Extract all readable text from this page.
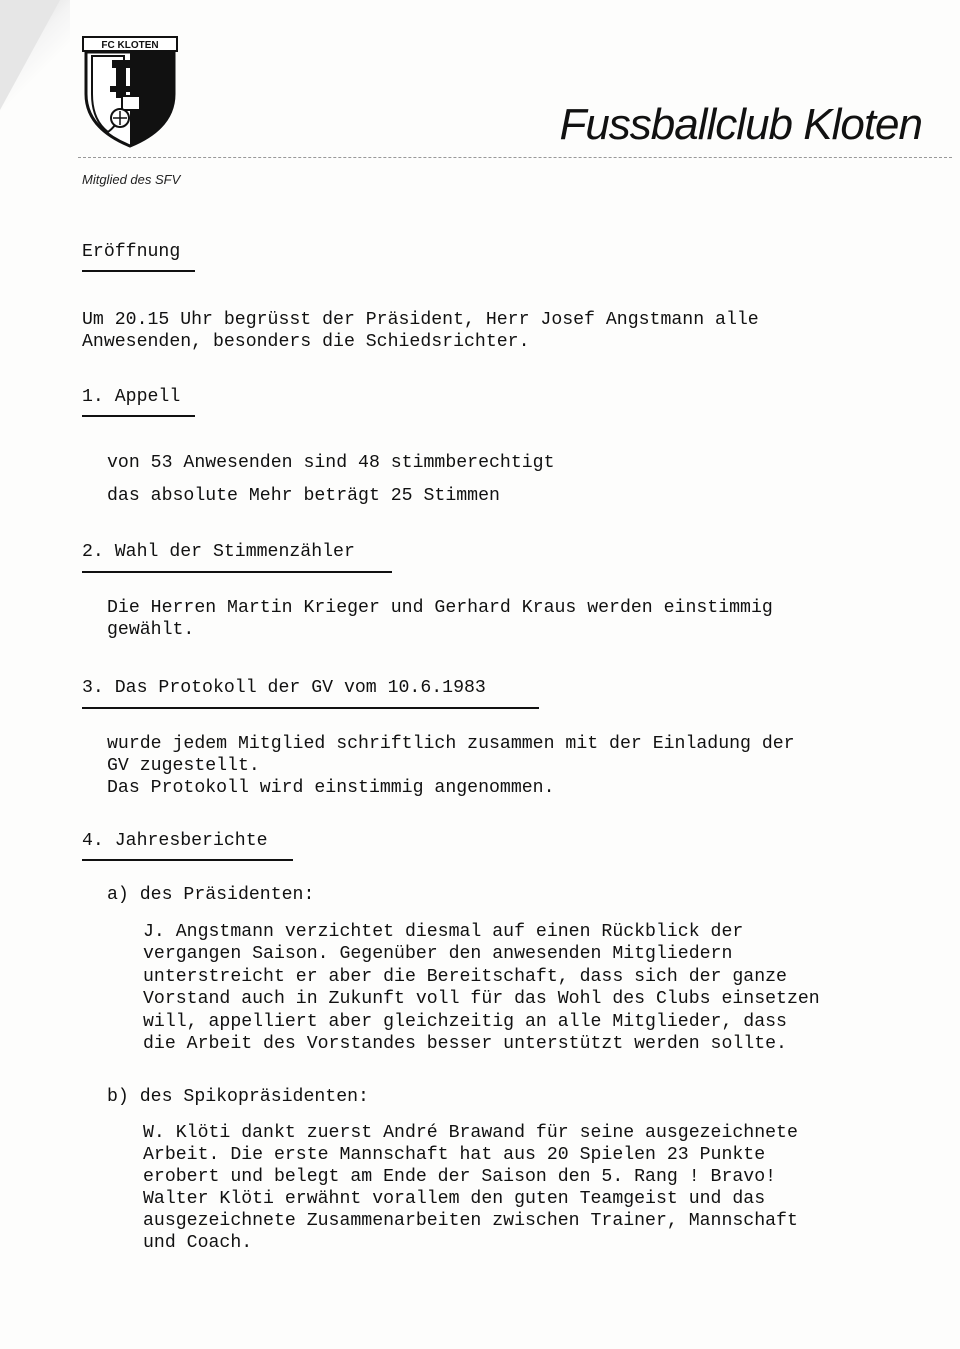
FC KLOTEN
Fussballclub Kloten
Mitglied des SFV
Eröffnung
Um 20.15 Uhr begrüsst der Präsident, Herr Josef Angstmann alle
Anwesenden, besonders die Schiedsrichter.
1. Appell
von 53 Anwesenden sind 48 stimmberechtigt
das absolute Mehr beträgt 25 Stimmen
2. Wahl der Stimmenzähler
Die Herren Martin Krieger und Gerhard Kraus werden einstimmig
gewählt.
3. Das Protokoll der GV vom 10.6.1983
wurde jedem Mitglied schriftlich zusammen mit der Einladung der
GV zugestellt.
Das Protokoll wird einstimmig angenommen.
4. Jahresberichte
a) des Präsidenten:
J. Angstmann verzichtet diesmal auf einen Rückblick der
vergangen Saison. Gegenüber den anwesenden Mitgliedern
unterstreicht er aber die Bereitschaft, dass sich der ganze
Vorstand auch in Zukunft voll für das Wohl des Clubs einsetzen
will, appelliert aber gleichzeitig an alle Mitglieder, dass
die Arbeit des Vorstandes besser unterstützt werden sollte.
b) des Spikopräsidenten:
W. Klöti dankt zuerst André Brawand für seine ausgezeichnete
Arbeit. Die erste Mannschaft hat aus 20 Spielen 23 Punkte
erobert und belegt am Ende der Saison den 5. Rang ! Bravo!
Walter Klöti erwähnt vorallem den guten Teamgeist und das
ausgezeichnete Zusammenarbeiten zwischen Trainer, Mannschaft
und Coach.
